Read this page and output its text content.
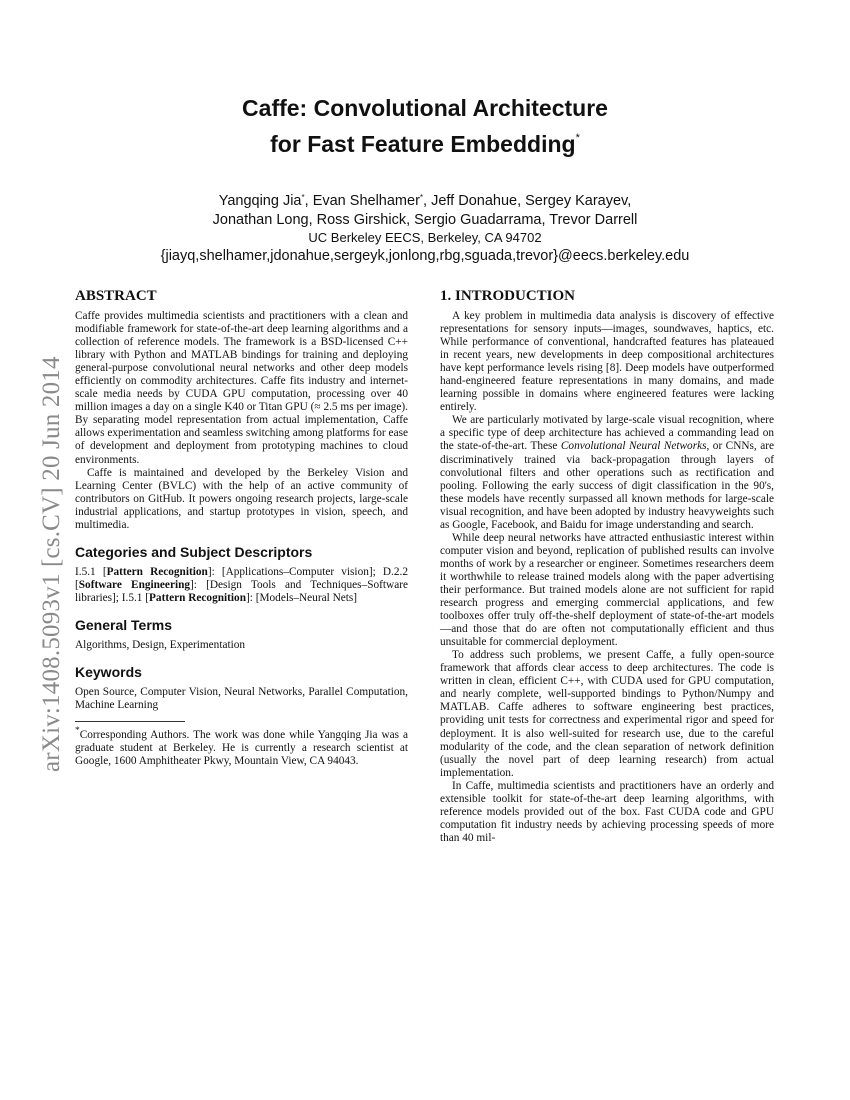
arXiv:1408.5093v1 [cs.CV] 20 Jun 2014
Caffe: Convolutional Architecture
for Fast Feature Embedding*
Yangqing Jia*, Evan Shelhamer*, Jeff Donahue, Sergey Karayev,
Jonathan Long, Ross Girshick, Sergio Guadarrama, Trevor Darrell
UC Berkeley EECS, Berkeley, CA 94702
{jiayq,shelhamer,jdonahue,sergeyk,jonlong,rbg,sguada,trevor}@eecs.berkeley.edu
ABSTRACT

Caffe provides multimedia scientists and practitioners with a clean and modifiable framework for state-of-the-art deep learning algorithms and a collection of reference models. The framework is a BSD-licensed C++ library with Python and MATLAB bindings for training and deploying general-purpose convolutional neural networks and other deep models efficiently on commodity architectures. Caffe fits industry and internet-scale media needs by CUDA GPU computation, processing over 40 million images a day on a single K40 or Titan GPU (≈ 2.5 ms per image). By separating model representation from actual implementation, Caffe allows experimentation and seamless switching among platforms for ease of development and deployment from prototyping machines to cloud environments.

Caffe is maintained and developed by the Berkeley Vision and Learning Center (BVLC) with the help of an active community of contributors on GitHub. It powers ongoing research projects, large-scale industrial applications, and startup prototypes in vision, speech, and multimedia.

Categories and Subject Descriptors

I.5.1 [Pattern Recognition]: [Applications–Computer vision]; D.2.2 [Software Engineering]: [Design Tools and Techniques–Software libraries]; I.5.1 [Pattern Recognition]: [Models–Neural Nets]

General Terms

Algorithms, Design, Experimentation

Keywords

Open Source, Computer Vision, Neural Networks, Parallel Computation, Machine Learning

*Corresponding Authors. The work was done while Yangqing Jia was a graduate student at Berkeley. He is currently a research scientist at Google, 1600 Amphitheater Pkwy, Mountain View, CA 94043.

1. INTRODUCTION

A key problem in multimedia data analysis is discovery of effective representations for sensory inputs—images, soundwaves, haptics, etc. While performance of conventional, handcrafted features has plateaued in recent years, new developments in deep compositional architectures have kept performance levels rising [8]. Deep models have outperformed hand-engineered feature representations in many domains, and made learning possible in domains where engineered features were lacking entirely.

We are particularly motivated by large-scale visual recognition, where a specific type of deep architecture has achieved a commanding lead on the state-of-the-art. These Convolutional Neural Networks, or CNNs, are discriminatively trained via back-propagation through layers of convolutional filters and other operations such as rectification and pooling. Following the early success of digit classification in the 90's, these models have recently surpassed all known methods for large-scale visual recognition, and have been adopted by industry heavyweights such as Google, Facebook, and Baidu for image understanding and search.

While deep neural networks have attracted enthusiastic interest within computer vision and beyond, replication of published results can involve months of work by a researcher or engineer. Sometimes researchers deem it worthwhile to release trained models along with the paper advertising their performance. But trained models alone are not sufficient for rapid research progress and emerging commercial applications, and few toolboxes offer truly off-the-shelf deployment of state-of-the-art models—and those that do are often not computationally efficient and thus unsuitable for commercial deployment.

To address such problems, we present Caffe, a fully open-source framework that affords clear access to deep architectures. The code is written in clean, efficient C++, with CUDA used for GPU computation, and nearly complete, well-supported bindings to Python/Numpy and MATLAB. Caffe adheres to software engineering best practices, providing unit tests for correctness and experimental rigor and speed for deployment. It is also well-suited for research use, due to the careful modularity of the code, and the clean separation of network definition (usually the novel part of deep learning research) from actual implementation.

In Caffe, multimedia scientists and practitioners have an orderly and extensible toolkit for state-of-the-art deep learning algorithms, with reference models provided out of the box. Fast CUDA code and GPU computation fit industry needs by achieving processing speeds of more than 40 mil-
